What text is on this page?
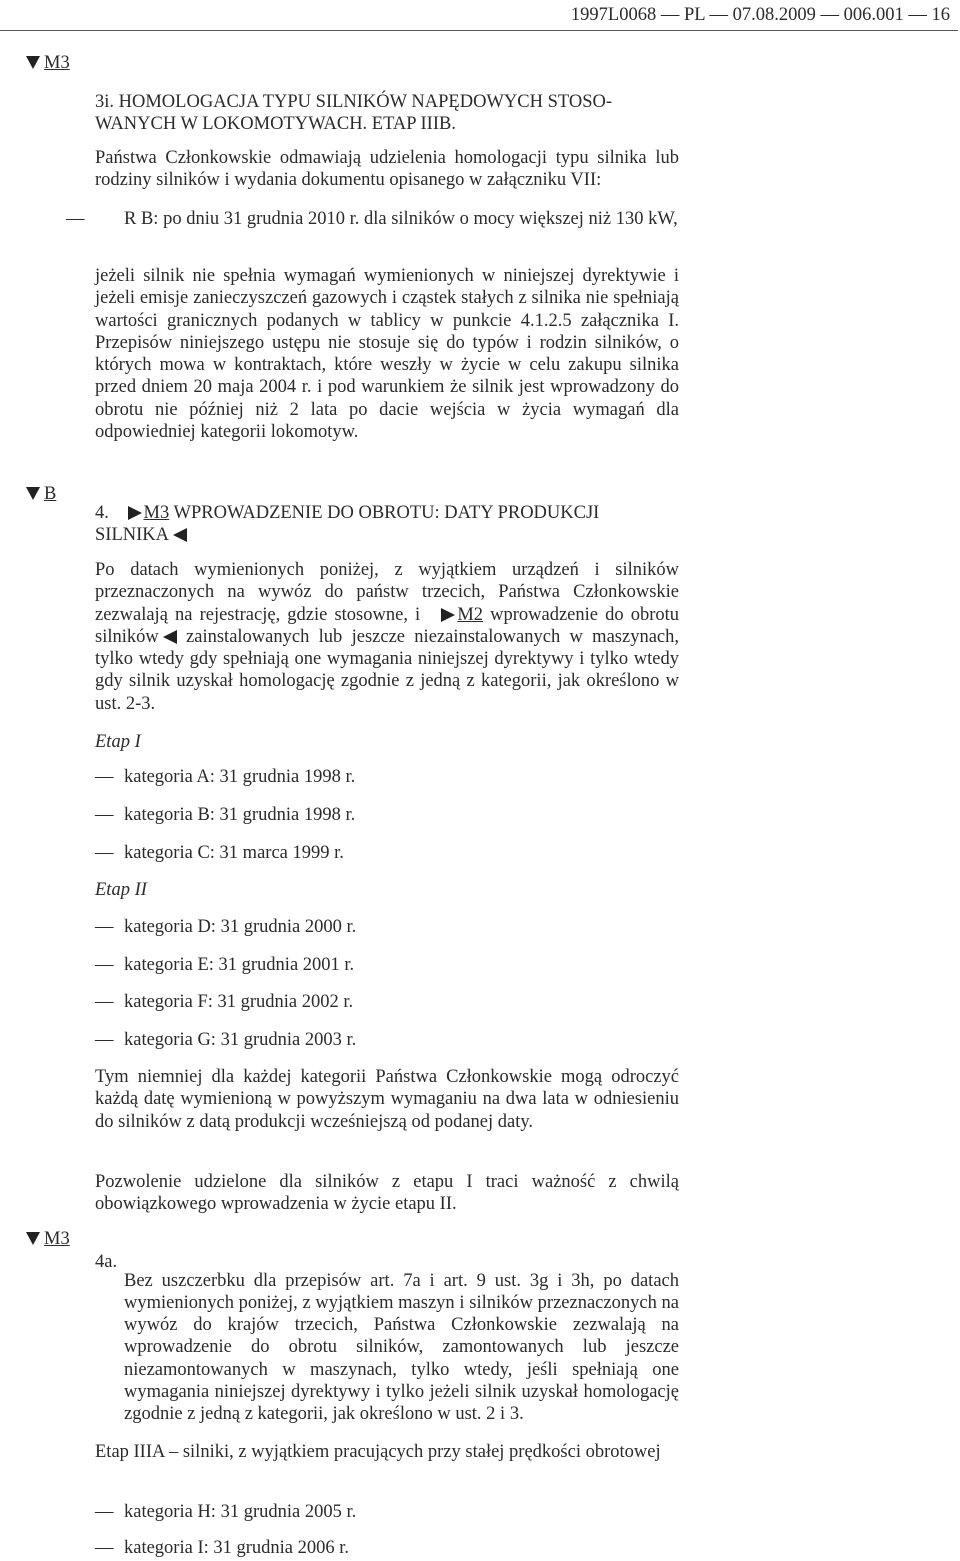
1997L0068 — PL — 07.08.2009 — 006.001 — 16
M3
B
M3

3i. HOMOLOGACJA TYPU SILNIKÓW NAPĘDOWYCH STOSO-

WANYCH W LOKOMOTYWACH. ETAP IIIB.

Państwa Członkowskie odmawiają udzielenia homologacji typu silnika lub rodziny silników i wydania dokumentu opisanego w załączniku VII:

— R B: po dniu 31 grudnia 2010 r. dla silników o mocy większej niż 130 kW,

jeżeli silnik nie spełnia wymagań wymienionych w niniejszej dyrektywie i jeżeli emisje zanieczyszczeń gazowych i cząstek stałych z silnika nie spełniają wartości granicznych podanych w tablicy w punkcie 4.1.2.5 załącznika I. Przepisów niniejszego ustępu nie stosuje się do typów i rodzin silników, o których mowa w kontraktach, które weszły w życie w celu zakupu silnika przed dniem 20 maja 2004 r. i pod warunkiem że silnik jest wprowadzony do obrotu nie później niż 2 lata po dacie wejścia w życia wymagań dla odpowiedniej kategorii lokomotyw.

4. M3 WPROWADZENIE DO OBROTU: DATY PRODUKCJI
SILNIKA

Po datach wymienionych poniżej, z wyjątkiem urządzeń i silników przeznaczonych na wywóz do państw trzecich, Państwa Członkowskie zezwalają na rejestrację, gdzie stosowne, i M2 wprowadzenie do obrotu silników zainstalowanych lub jeszcze niezainstalowanych w maszynach, tylko wtedy gdy spełniają one wymagania niniejszej dyrektywy i tylko wtedy gdy silnik uzyskał homologację zgodnie z jedną z kategorii, jak określono w ust. 2-3.

Etap I
— kategoria A: 31 grudnia 1998 r.
— kategoria B: 31 grudnia 1998 r.
— kategoria C: 31 marca 1999 r.
Etap II
— kategoria D: 31 grudnia 2000 r.
— kategoria E: 31 grudnia 2001 r.
— kategoria F: 31 grudnia 2002 r.
— kategoria G: 31 grudnia 2003 r.

Tym niemniej dla każdej kategorii Państwa Członkowskie mogą odroczyć każdą datę wymienioną w powyższym wymaganiu na dwa lata w odniesieniu do silników z datą produkcji wcześniejszą od podanej daty.

Pozwolenie udzielone dla silników z etapu I traci ważność z chwilą obowiązkowego wprowadzenia w życie etapu II.

4a.

Bez uszczerbku dla przepisów art. 7a i art. 9 ust. 3g i 3h, po datach wymienionych poniżej, z wyjątkiem maszyn i silników przeznaczonych na wywóz do krajów trzecich, Państwa Członkowskie zezwalają na wprowadzenie do obrotu silników, zamontowanych lub jeszcze niezamontowanych w maszynach, tylko wtedy, jeśli spełniają one wymagania niniejszej dyrektywy i tylko jeżeli silnik uzyskał homologację zgodnie z jedną z kategorii, jak określono w ust. 2 i 3.

Etap IIIA – silniki, z wyjątkiem pracujących przy stałej prędkości obrotowej

— kategoria H: 31 grudnia 2005 r.
— kategoria I: 31 grudnia 2006 r.
